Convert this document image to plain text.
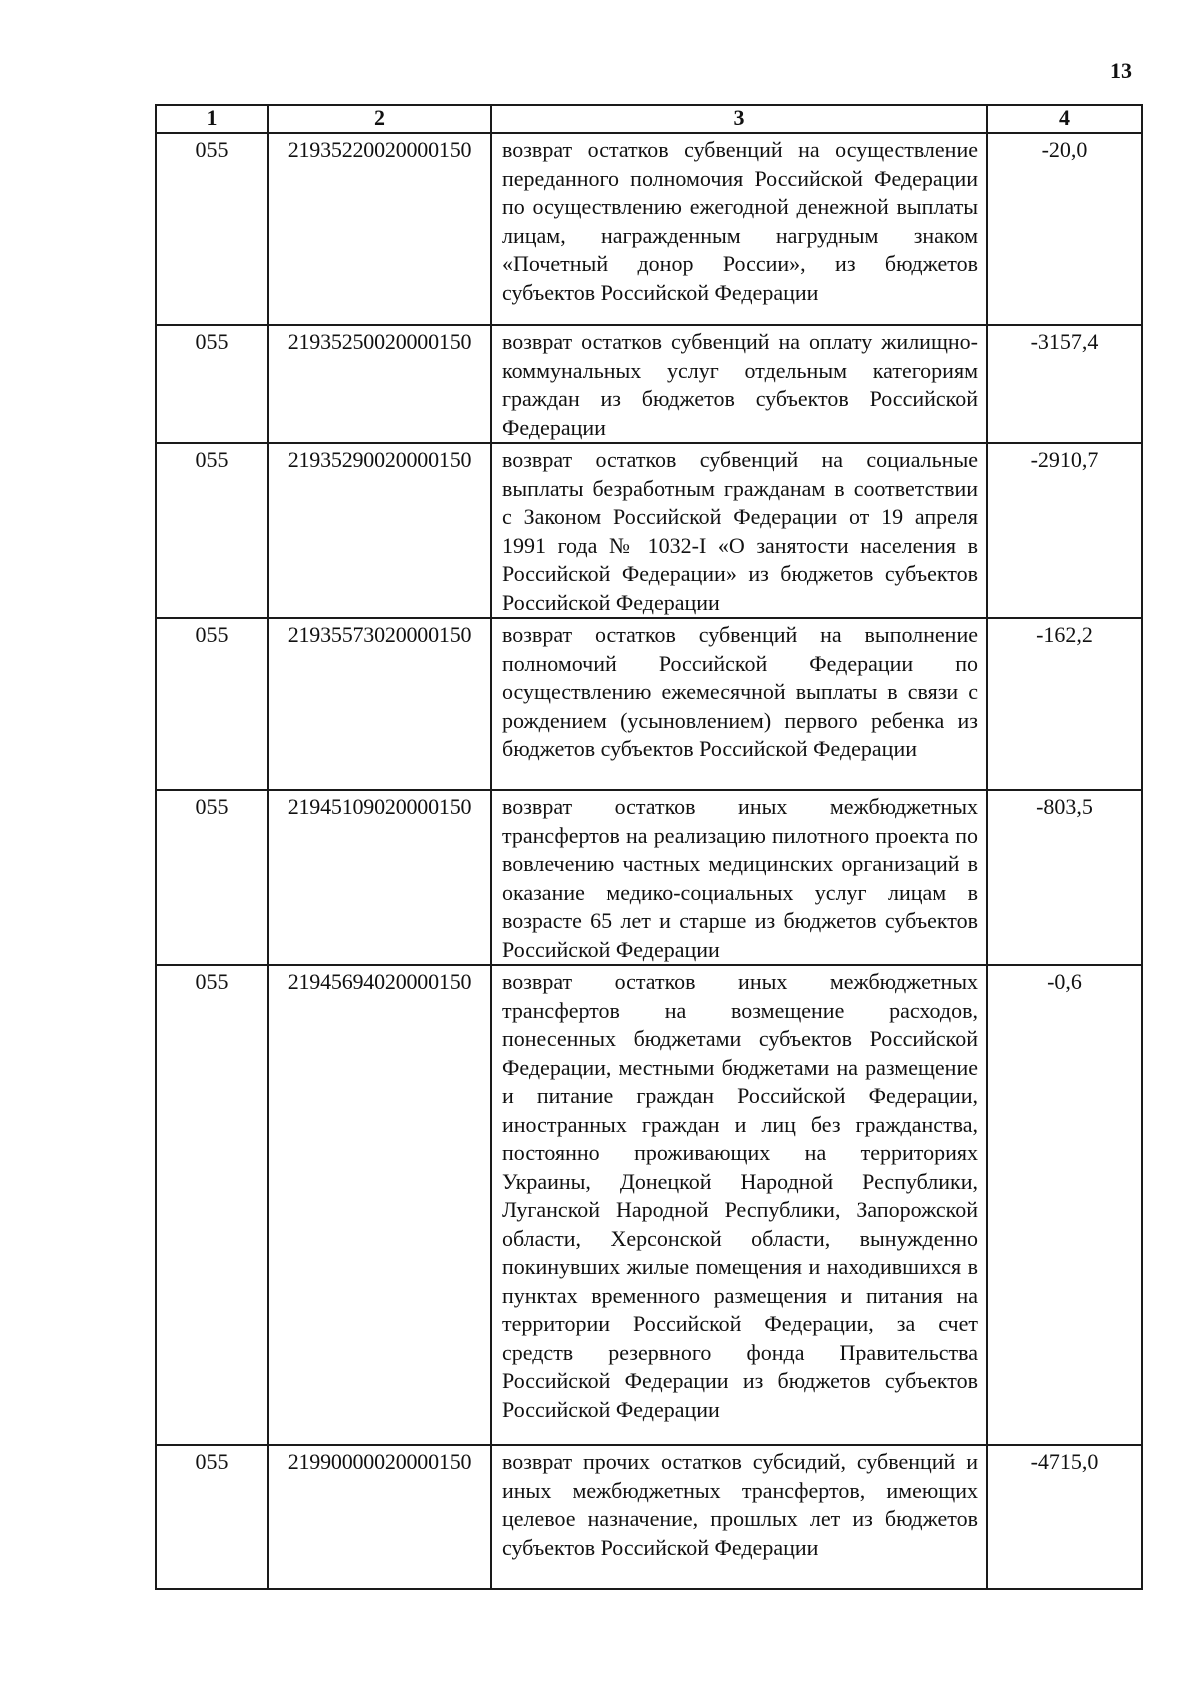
13
1	2	3	4
055	21935220020000150	возврат остатков субвенций на осуществление переданного полномочия Российской Федерации по осуществлению ежегодной денежной выплаты лицам, награжденным нагрудным знаком «Почетный донор России», из бюджетов субъектов Российской Федерации	-20,0
055	21935250020000150	возврат остатков субвенций на оплату жилищно-коммунальных услуг отдельным категориям граждан из бюджетов субъектов Российской Федерации	-3157,4
055	21935290020000150	возврат остатков субвенций на социальные выплаты безработным гражданам в соответствии с Законом Российской Федерации от 19 апреля 1991 года № 1032-I «О занятости населения в Российской Федерации» из бюджетов субъектов Российской Федерации	-2910,7
055	21935573020000150	возврат остатков субвенций на выполнение полномочий Российской Федерации по осуществлению ежемесячной выплаты в связи с рождением (усыновлением) первого ребенка из бюджетов субъектов Российской Федерации	-162,2
055	21945109020000150	возврат остатков иных межбюджетных трансфертов на реализацию пилотного проекта по вовлечению частных медицинских организаций в оказание медико-социальных услуг лицам в возрасте 65 лет и старше из бюджетов субъектов Российской Федерации	-803,5
055	21945694020000150	возврат остатков иных межбюджетных трансфертов на возмещение расходов, понесенных бюджетами субъектов Российской Федерации, местными бюджетами на размещение и питание граждан Российской Федерации, иностранных граждан и лиц без гражданства, постоянно проживающих на территориях Украины, Донецкой Народной Республики, Луганской Народной Республики, Запорожской области, Херсонской области, вынужденно покинувших жилые помещения и находившихся в пунктах временного размещения и питания на территории Российской Федерации, за счет средств резервного фонда Правительства Российской Федерации из бюджетов субъектов Российской Федерации	-0,6
055	21990000020000150	возврат прочих остатков субсидий, субвенций и иных межбюджетных трансфертов, имеющих целевое назначение, прошлых лет из бюджетов субъектов Российской Федерации	-4715,0
